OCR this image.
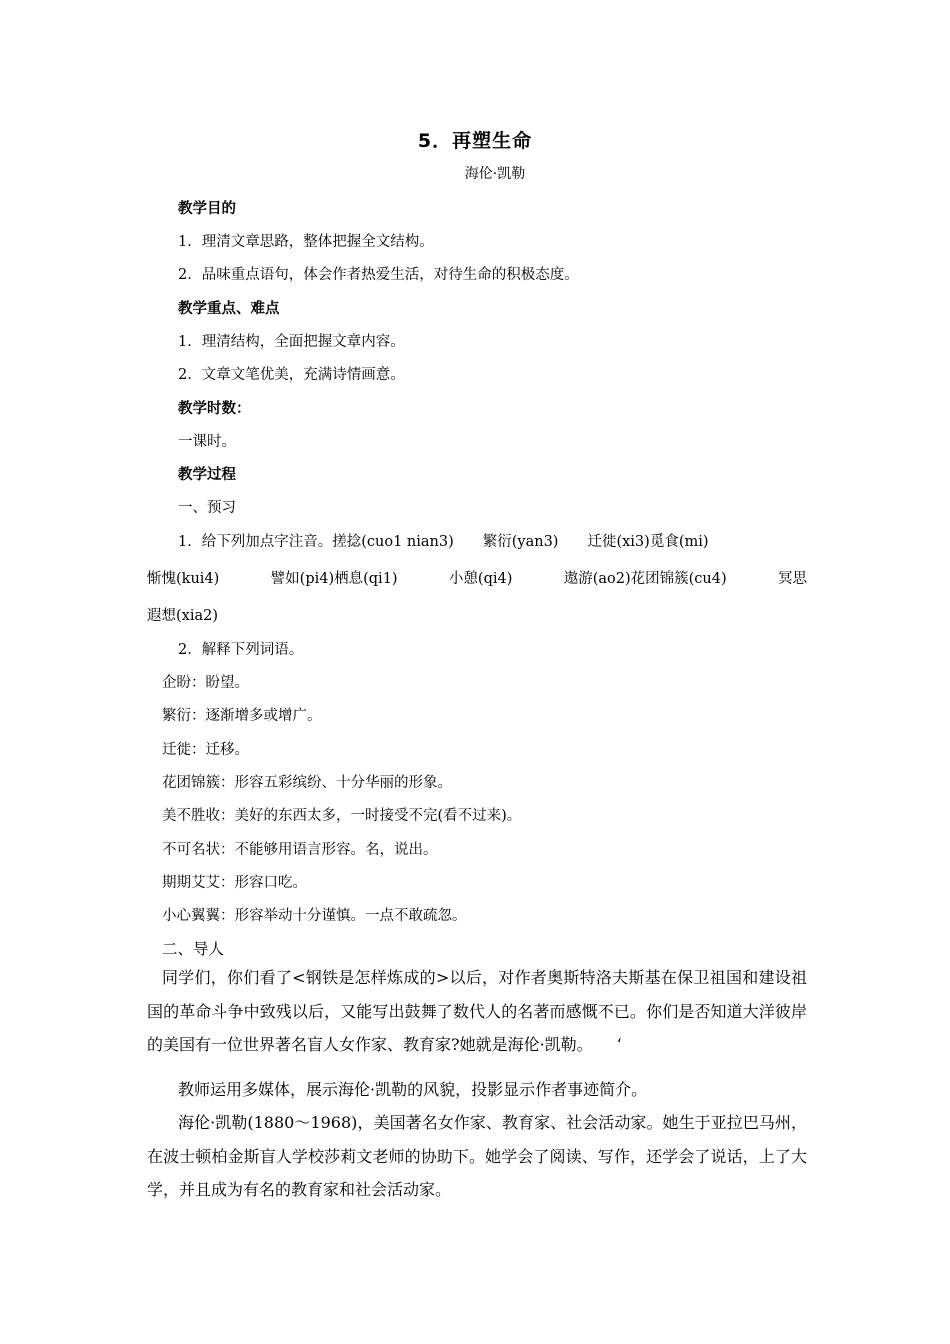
5．再塑生命
海伦·凯勒
教学目的
1．理清文章思路，整体把握全文结构。
2．品味重点语句，体会作者热爱生活，对待生命的积极态度。
教学重点、难点
1．理清结构，全面把握文章内容。
2．文章文笔优美，充满诗情画意。
教学时数：
一课时。
教学过程
一、预习
1．给下列加点字注音。搓捻(cuo1 nian3)　　繁衍(yan3)　　迁徙(xi3)觅食(mi)
惭愧(kui4)	譬如(pi4)栖息(qi1)	小憩(qi4)	遨游(ao2)花团锦簇(cu4)	冥思
遐想(xia2)
2．解释下列词语。
企盼：盼望。
繁衍：逐渐增多或增广。
迁徙：迁移。
花团锦簇：形容五彩缤纷、十分华丽的形象。
美不胜收：美好的东西太多，一时接受不完(看不过来)。
不可名状：不能够用语言形容。名，说出。
期期艾艾：形容口吃。
小心翼翼：形容举动十分谨慎。一点不敢疏忽。
二、导人
同学们，你们看了<钢铁是怎样炼成的>以后，对作者奥斯特洛夫斯基在保卫祖国和建设祖国的革命斗争中致残以后，又能写出鼓舞了数代人的名著而感慨不已。你们是否知道大洋彼岸的美国有一位世界著名盲人女作家、教育家?她就是海伦·凯勒。　　‘
教师运用多媒体，展示海伦·凯勒的风貌，投影显示作者事迹简介。
海伦·凯勒(1880～1968)，美国著名女作家、教育家、社会活动家。她生于亚拉巴马州，在波士顿柏金斯盲人学校莎莉文老师的协助下。她学会了阅读、写作，还学会了说话，上了大学，并且成为有名的教育家和社会活动家。
